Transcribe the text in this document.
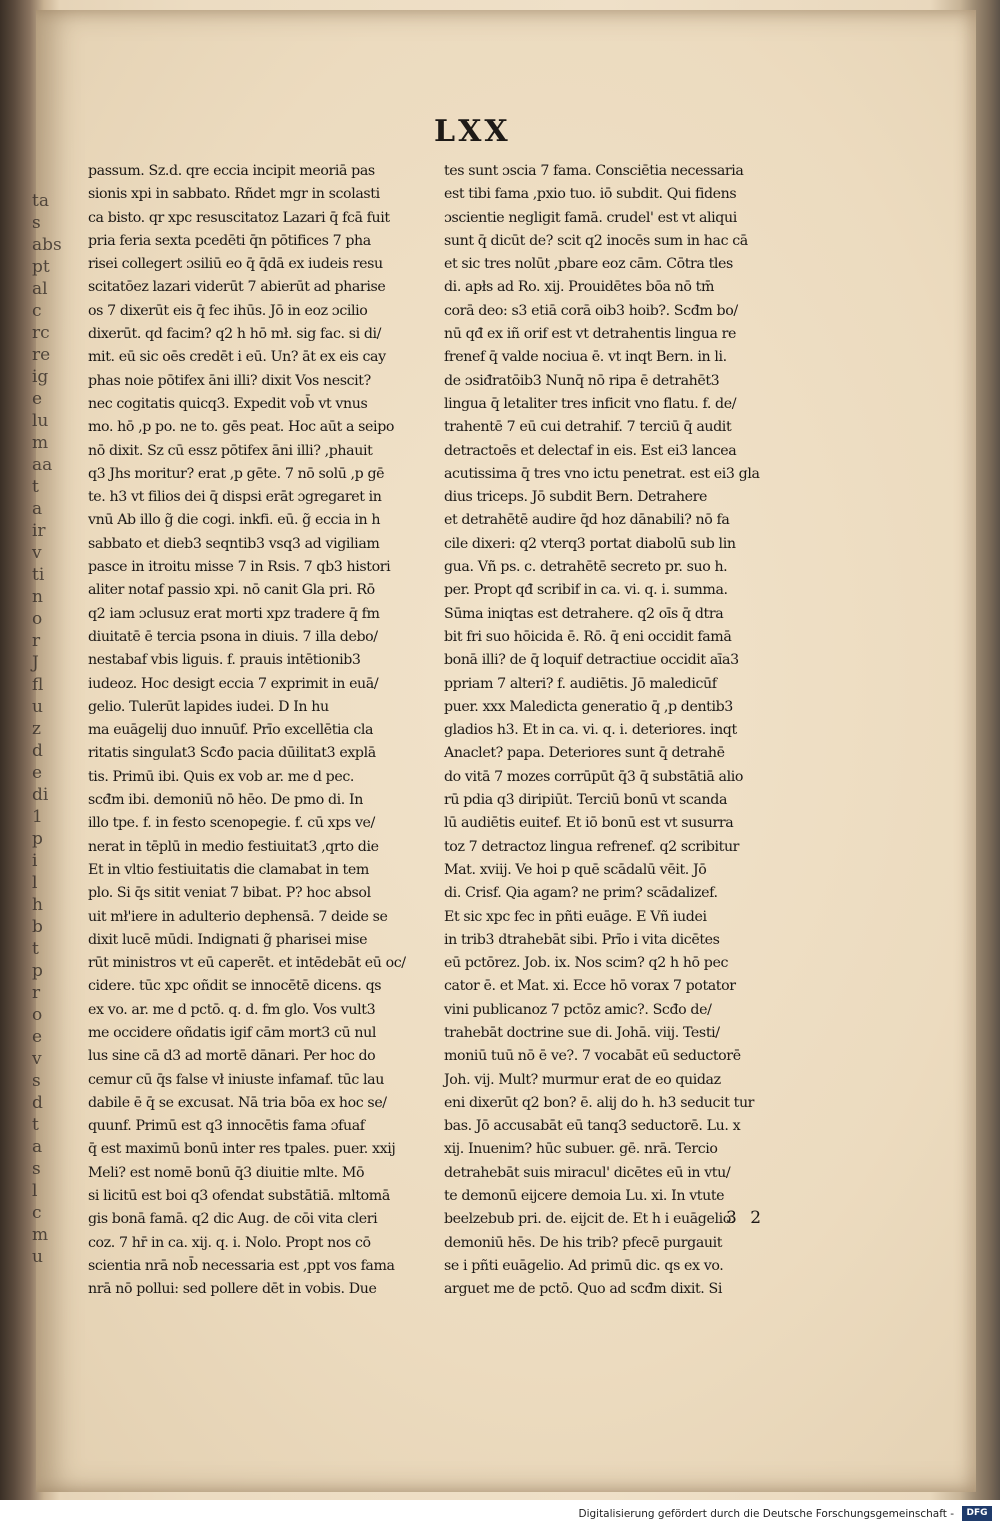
ta
s
abs
pt
al
c
rc
re
ig
e
lu
m
aa
t
a
ir
v
ti
n
o
r
J
fl
u
z
d
e
di
1
p
i
l
h
b
t
p
r
o
e
v
s
d
t
a
s
l
c
m
u
LXX
passum. Sz.d. qre eccia incipit meoriā pas
sionis xpi in sabbato. Rñdet mgr in scolasti
ca bisto. qr xpc resuscitatoz Lazari q̄ fcā fuit
pria feria sexta pcedēti q̄n pōtifices 7 pha
risei collegert ɔsiliū eo q̄ q̄dā ex iudeis resu
scitatōez lazari viderūt 7 abierūt ad pharise
os 7 dixerūt eis q̄ fec ihūs. Jō in eoz ɔcilio
dixerūt. qd facim? q2 h hō mł. sig fac. si di/
mit. eū sic oēs credēt i eū. Un? āt ex eis cay
phas noie pōtifex āni illi? dixit Vos nescit?
nec cogitatis quicq3. Expedit vob̄ vt vnus
mo. hō ,p po. ne to. gēs peat. Hoc aūt a seipo
nō dixit. Sz cū essz pōtifex āni illi? ,phauit
q3 Jhs moritur? erat ,p gēte. 7 nō solū ,p gē
te. h3 vt filios dei q̄ dispsi erāt ɔgregaret in
vnū Ab illo g̃ die cogi. inkfi. eū. g̃ eccia in h
sabbato et dieb3 seqntib3 vsq3 ad vigiliam
pasce in itroitu misse 7 in Rsis. 7 qb3 histori
aliter notaf passio xpi. nō canit Gla pri. Rō
q2 iam ɔclusuz erat morti xpz tradere q̄ fm
diuitatē ē tercia psona in diuis. 7 illa debo/
nestabaf vbis liguis. f. prauis intētionib3
iudeoz. Hoc desigt eccia 7 exprimit in euā/
gelio. Tulerūt lapides iudei. D In hu
ma euāgelij duo innuūf. Prīo excellētia cla
ritatis singulat3 Scđo pacia dūilitat3 explā
tis. Primū ibi. Quis ex vob ar. me d pec.
scđm ibi. demoniū nō hēo. De pmo di. In
illo tpe. f. in festo scenopegie. f. cū xps ve/
nerat in tēplū in medio festiuitat3 ,qrto die
Et in vltio festiuitatis die clamabat in tem
plo. Si q̄s sitit veniat 7 bibat. P? hoc absol
uit mł'iere in adulterio dephensā. 7 deide se
dixit lucē mūdi. Indignati g̃ pharisei mise
rūt ministros vt eū caperēt. et intēdebāt eū oc/
cidere. tūc xpc oñdit se innocētē dicens. qs
ex vo. ar. me d pctō. q. d. fm glo. Vos vult3
me occidere oñdatis igif cām mort3 cū nul
lus sine cā d3 ad mortē dānari. Per hoc do
cemur cū q̄s false vł iniuste infamaf. tūc lau
dabile ē q̄ se excusat. Nā tria bōa ex hoc se/
quunf. Primū est q3 innocētis fama ɔfuaf
q̄ est maximū bonū inter res tpales. puer. xxij
Meli? est nomē bonū q̄3 diuitie mlte. Mō
si licitū est boi q3 ofendat substātiā. mltomā
gis bonā famā. q2 dic Aug. de cōi vita cleri
coz. 7 hr̄ in ca. xij. q. i. Nolo. Propt nos cō
scientia nrā nob̄ necessaria est ,ppt vos fama
nrā nō pollui: sed pollere dēt in vobis. Due
tes sunt ɔscia 7 fama. Consciētia necessaria
est tibi fama ,pxio tuo. iō subdit. Qui fidens
ɔscientie negligit famā. crudel' est vt aliqui
sunt q̄ dicūt de? scit q2 inocēs sum in hac cā
et sic tres nolūt ,pbare eoz cām. Cōtra tles
di. apłs ad Ro. xij. Prouidētes bōa nō tm̄
corā deo: s3 etiā corā oib3 hoib?. Scđm bo/
nū qđ ex iñ orif est vt detrahentis lingua re
frenef q̄ valde nociua ē. vt inqt Bern. in li.
de ɔsiđratōib3 Nunq̄ nō ripa ē detrahēt3
lingua q̄ letaliter tres inficit vno flatu. f. de/
trahentē 7 eū cui detrahif. 7 terciū q̄ audit
detractoēs et delectaf in eis. Est ei3 lancea
acutissima q̄ tres vno ictu penetrat. est ei3 gla
dius triceps. Jō subdit Bern. Detrahere
et detrahētē audire q̄d hoz dānabili? nō fa
cile dixeri: q2 vterq3 portat diabolū sub lin
gua. Vñ ps. c. detrahētē secreto pr. suo h.
per. Propt qđ scribif in ca. vi. q. i. summa.
Sūma iniqtas est detrahere. q2 oīs q̄ dtra
bit fri suo hōicida ē. Rō. q̄ eni occidit famā
bonā illi? de q̄ loquif detractiue occidit aīa3
ppriam 7 alteri? f. audiētis. Jō maledicūf
puer. xxx Maledicta generatio q̄ ,p dentib3
gladios h3. Et in ca. vi. q. i. deteriores. inqt
Anaclet? papa. Deteriores sunt q̄ detrahē
do vitā 7 mozes corrūpūt q̄3 q̄ substātiā alio
rū pdia q3 diripiūt. Terciū bonū vt scanda
lū audiētis euitef. Et iō bonū est vt susurra
toz 7 detractoz lingua refrenef. q2 scribitur
Mat. xviij. Ve hoi p quē scādalū vēit. Jō
di. Crisf. Qia agam? ne prim? scādalizef.
Et sic xpc fec in pñti euāge. E Vñ iudei
in trib3 dtrahebāt sibi. Prīo i vita dicētes
eū pctōrez. Job. ix. Nos scim? q2 h hō pec
cator ē. et Mat. xi. Ecce hō vorax 7 potator
vini publicanoz 7 pctōz amic?. Scđo de/
trahebāt doctrine sue di. Johā. viij. Testi/
moniū tuū nō ē ve?. 7 vocabāt eū seductorē
Joh. vij. Mult? murmur erat de eo quidaz
eni dixerūt q2 bon? ē. alij do h. h3 seducit tur
bas. Jō accusabāt eū tanq3 seductorē. Lu. x
xij. Inuenim? hūc subuer. gē. nrā. Tercio
detrahebāt suis miracul' dicētes eū in vtu/
te demonū eijcere demoia Lu. xi. In vtute
beelzebub pri. de. eijcit de. Et h i euāgelio.
demoniū hēs. De his trib? pfecē purgauit
se i pñti euāgelio. Ad primū dic. qs ex vo.
arguet me de pctō. Quo ad scđm dixit. Si
3 2
Digitalisierung gefördert durch die Deutsche Forschungsgemeinschaft -	DFG
